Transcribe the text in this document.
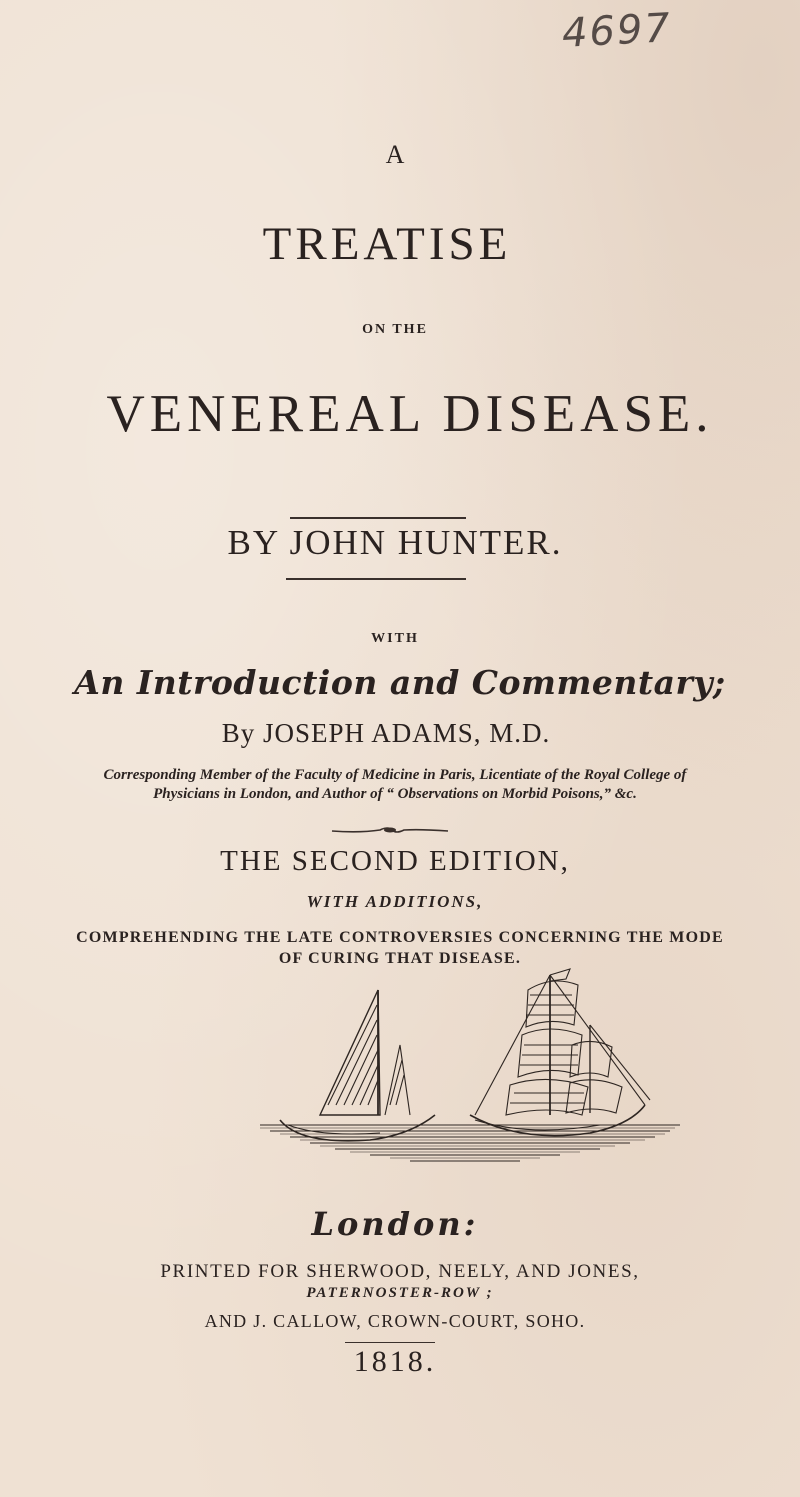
4697
A
TREATISE
ON THE
VENEREAL DISEASE.
BY JOHN HUNTER.
WITH
An Introduction and Commentary;
By JOSEPH ADAMS, M.D.
Corresponding Member of the Faculty of Medicine in Paris, Licentiate of the Royal College of Physicians in London, and Author of “ Observations on Morbid Poisons,” &c.
THE SECOND EDITION,
WITH ADDITIONS,
COMPREHENDING THE LATE CONTROVERSIES CONCERNING THE MODE
OF CURING THAT DISEASE.
London:
PRINTED FOR SHERWOOD, NEELY, AND JONES,
PATERNOSTER-ROW ;
AND J. CALLOW, CROWN-COURT, SOHO.
1818.
